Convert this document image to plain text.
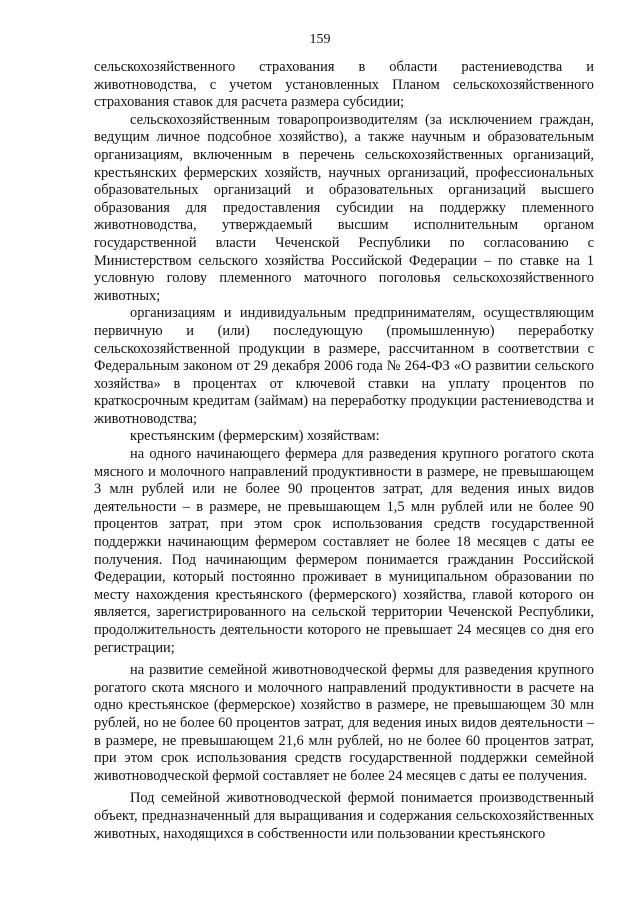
159

сельскохозяйственного страхования в области растениеводства и животноводства, с учетом установленных Планом сельскохозяйственного страхования ставок для расчета размера субсидии;

сельскохозяйственным товаропроизводителям (за исключением граждан, ведущим личное подсобное хозяйство), а также научным и образовательным организациям, включенным в перечень сельскохозяйственных организаций, крестьянских фермерских хозяйств, научных организаций, профессиональных образовательных организаций и образовательных организаций высшего образования для предоставления субсидии на поддержку племенного животноводства, утверждаемый высшим исполнительным органом государственной власти Чеченской Республики по согласованию с Министерством сельского хозяйства Российской Федерации – по ставке на 1 условную голову племенного маточного поголовья сельскохозяйственного животных;

организациям и индивидуальным предпринимателям, осуществляющим первичную и (или) последующую (промышленную) переработку сельскохозяйственной продукции в размере, рассчитанном в соответствии с Федеральным законом от 29 декабря 2006 года № 264-ФЗ «О развитии сельского хозяйства» в процентах от ключевой ставки на уплату процентов по краткосрочным кредитам (займам) на переработку продукции растениеводства и животноводства;

крестьянским (фермерским) хозяйствам:

на одного начинающего фермера для разведения крупного рогатого скота мясного и молочного направлений продуктивности в размере, не превышающем 3 млн рублей или не более 90 процентов затрат, для ведения иных видов деятельности – в размере, не превышающем 1,5 млн рублей или не более 90 процентов затрат, при этом срок использования средств государственной поддержки начинающим фермером составляет не более 18 месяцев с даты ее получения. Под начинающим фермером понимается гражданин Российской Федерации, который постоянно проживает в муниципальном образовании по месту нахождения крестьянского (фермерского) хозяйства, главой которого он является, зарегистрированного на сельской территории Чеченской Республики, продолжительность деятельности которого не превышает 24 месяцев со дня его регистрации;

на развитие семейной животноводческой фермы для разведения крупного рогатого скота мясного и молочного направлений продуктивности в расчете на одно крестьянское (фермерское) хозяйство в размере, не превышающем 30 млн рублей, но не более 60 процентов затрат, для ведения иных видов деятельности – в размере, не превышающем 21,6 млн рублей, но не более 60 процентов затрат, при этом срок использования средств государственной поддержки семейной животноводческой фермой составляет не более 24 месяцев с даты ее получения.

Под семейной животноводческой фермой понимается производственный объект, предназначенный для выращивания и содержания сельскохозяйственных животных, находящихся в собственности или пользовании крестьянского
